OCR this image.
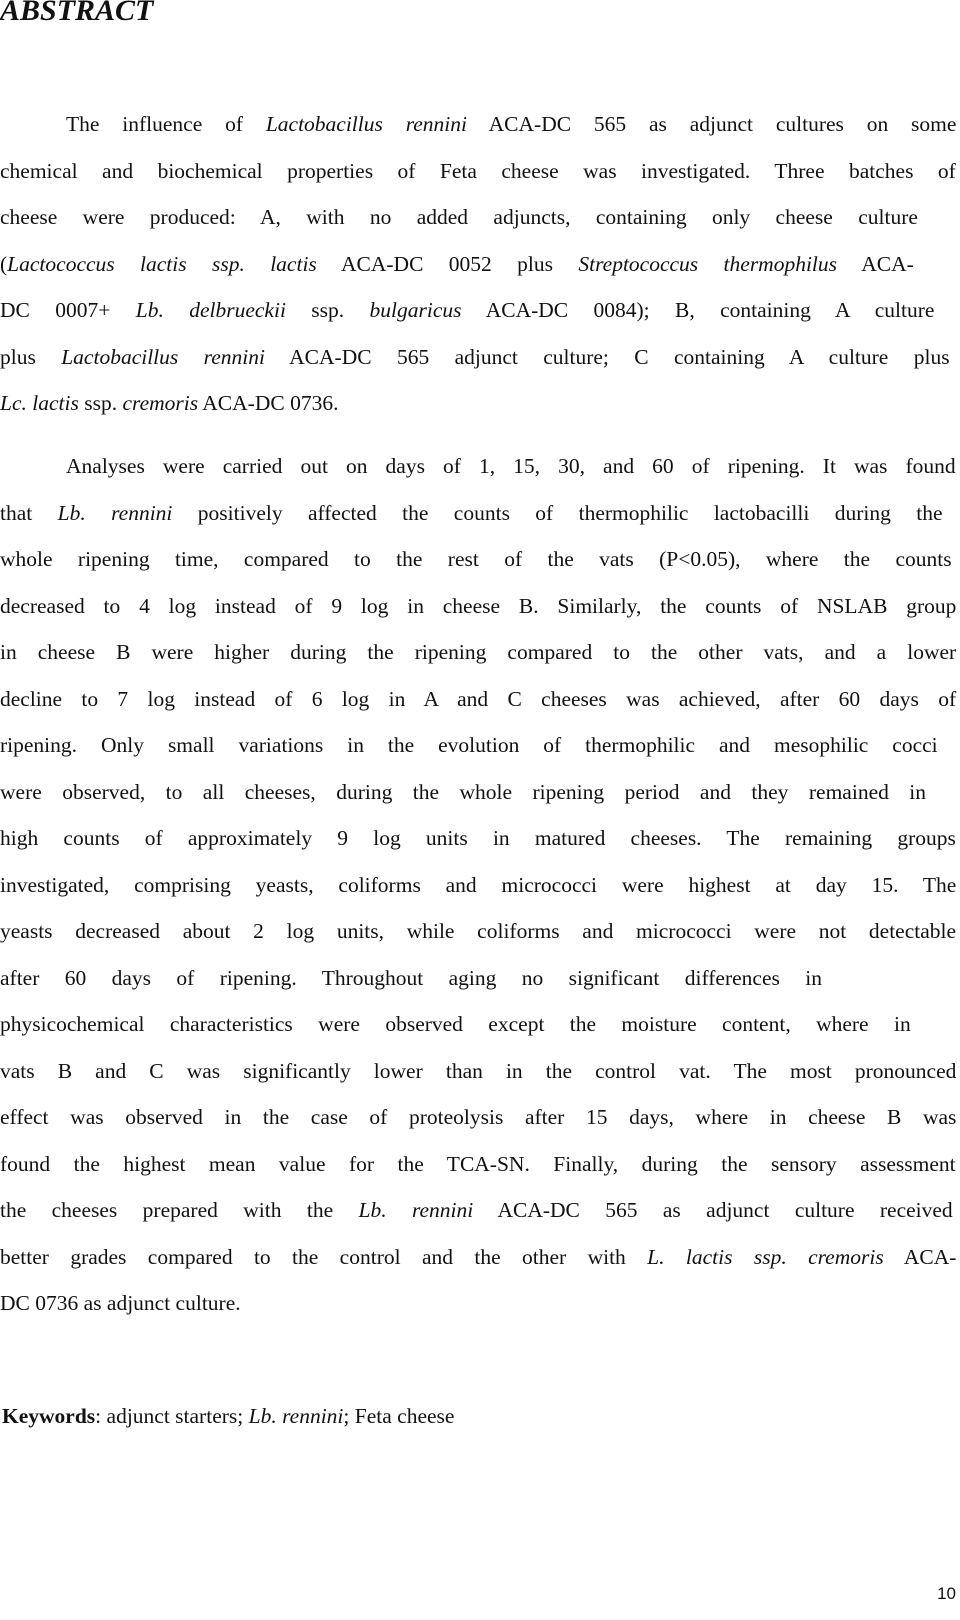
ABSTRACT
The influence of Lactobacillus rennini ACA-DC 565 as adjunct cultures on some
chemical and biochemical properties of Feta cheese was investigated. Three batches of
cheese were produced: A, with no added adjuncts, containing only cheese culture
(Lactococcus lactis ssp. lactis ACA-DC 0052 plus Streptococcus thermophilus ACA-
DC 0007+ Lb. delbrueckii ssp. bulgaricus ACA-DC 0084); B, containing A culture
plus Lactobacillus rennini ACA-DC 565 adjunct culture; C containing A culture plus
Lc. lactis ssp. cremoris ACA-DC 0736.
Analyses were carried out on days of 1, 15, 30, and 60 of ripening. It was found
that Lb. rennini positively affected the counts of thermophilic lactobacilli during the
whole ripening time, compared to the rest of the vats (P<0.05), where the counts
decreased to 4 log instead of 9 log in cheese B. Similarly, the counts of NSLAB group
in cheese B were higher during the ripening compared to the other vats, and a lower
decline to 7 log instead of 6 log in A and C cheeses was achieved, after 60 days of
ripening. Only small variations in the evolution of thermophilic and mesophilic cocci
were observed, to all cheeses, during the whole ripening period and they remained in
high counts of approximately 9 log units in matured cheeses. The remaining groups
investigated, comprising yeasts, coliforms and micrococci were highest at day 15. The
yeasts decreased about 2 log units, while coliforms and micrococci were not detectable
after 60 days of ripening. Throughout aging no significant differences in
physicochemical characteristics were observed except the moisture content, where in
vats B and C was significantly lower than in the control vat. The most pronounced
effect was observed in the case of proteolysis after 15 days, where in cheese B was
found the highest mean value for the TCA-SN. Finally, during the sensory assessment
the cheeses prepared with the Lb. rennini ACA-DC 565 as adjunct culture received
better grades compared to the control and the other with L. lactis ssp. cremoris ACA-
DC 0736 as adjunct culture.

Keywords: adjunct starters; Lb. rennini; Feta cheese

10
